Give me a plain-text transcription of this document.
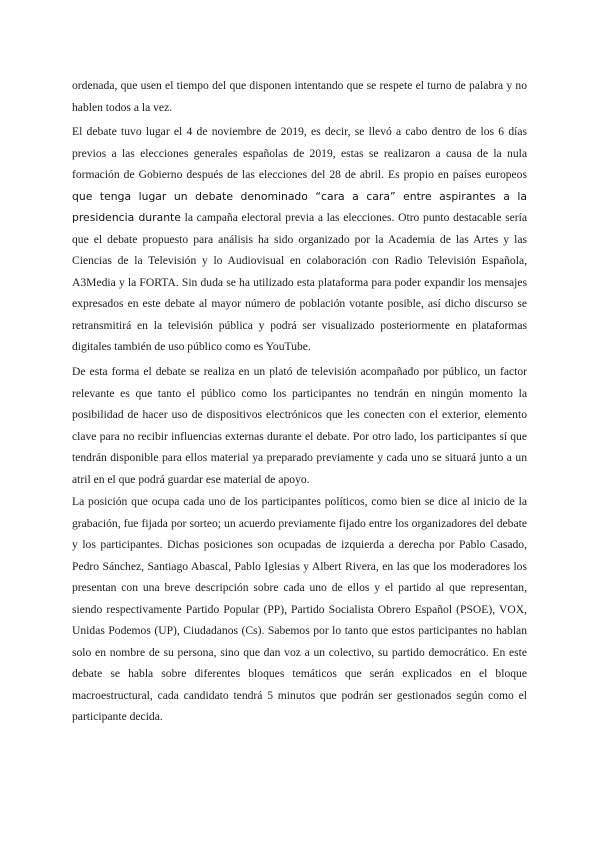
ordenada, que usen el tiempo del que disponen intentando que se respete el turno de palabra y no hablen todos a la vez.

El debate tuvo lugar el 4 de noviembre de 2019, es decir, se llevó a cabo dentro de los 6 días previos a las elecciones generales españolas de 2019, estas se realizaron a causa de la nula formación de Gobierno después de las elecciones del 28 de abril. Es propio en países europeos que tenga lugar un debate denominado “cara a cara” entre aspirantes a la presidencia durante la campaña electoral previa a las elecciones. Otro punto destacable sería que el debate propuesto para análisis ha sido organizado por la Academia de las Artes y las Ciencias de la Televisión y lo Audiovisual en colaboración con Radio Televisión Española, A3Media y la FORTA. Sin duda se ha utilizado esta plataforma para poder expandir los mensajes expresados en este debate al mayor número de población votante posible, así dicho discurso se retransmitirá en la televisión pública y podrá ser visualizado posteriormente en plataformas digitales también de uso público como es YouTube.

De esta forma el debate se realiza en un plató de televisión acompañado por público, un factor relevante es que tanto el público como los participantes no tendrán en ningún momento la posibilidad de hacer uso de dispositivos electrónicos que les conecten con el exterior, elemento clave para no recibir influencias externas durante el debate. Por otro lado, los participantes sí que tendrán disponible para ellos material ya preparado previamente y cada uno se situará junto a un atril en el que podrá guardar ese material de apoyo.

La posición que ocupa cada uno de los participantes políticos, como bien se dice al inicio de la grabación, fue fijada por sorteo; un acuerdo previamente fijado entre los organizadores del debate y los participantes. Dichas posiciones son ocupadas de izquierda a derecha por Pablo Casado, Pedro Sánchez, Santiago Abascal, Pablo Iglesias y Albert Rivera, en las que los moderadores los presentan con una breve descripción sobre cada uno de ellos y el partido al que representan, siendo respectivamente Partido Popular (PP), Partido Socialista Obrero Español (PSOE), VOX, Unidas Podemos (UP), Ciudadanos (Cs). Sabemos por lo tanto que estos participantes no hablan solo en nombre de su persona, sino que dan voz a un colectivo, su partido democrático. En este debate se habla sobre diferentes bloques temáticos que serán explicados en el bloque macroestructural, cada candidato tendrá 5 minutos que podrán ser gestionados según como el participante decida.
